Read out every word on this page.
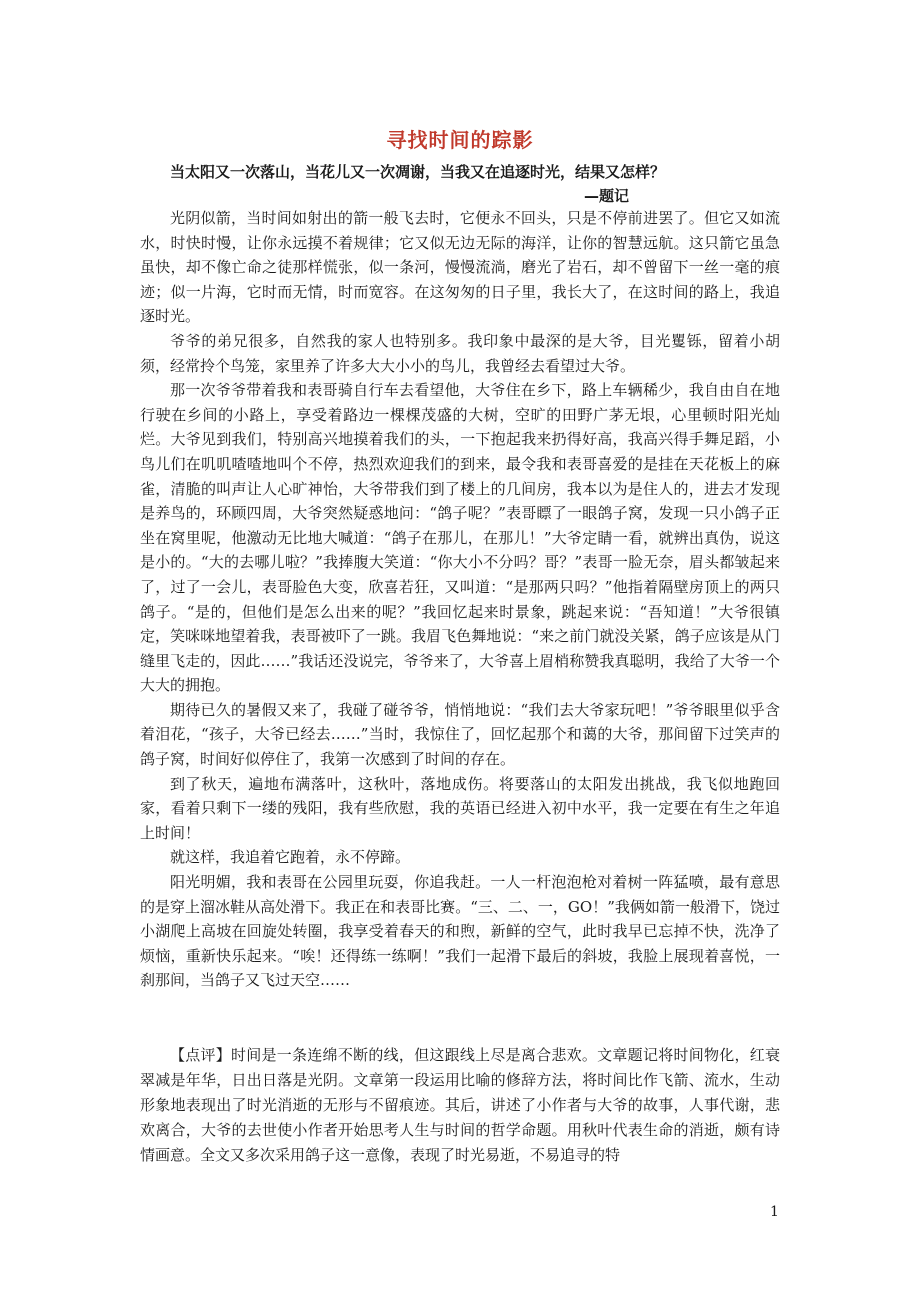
寻找时间的踪影
当太阳又一次落山，当花儿又一次凋谢，当我又在追逐时光，结果又怎样？
—题记

光阴似箭，当时间如射出的箭一般飞去时，它便永不回头，只是不停前进罢了。但它又如流水，时快时慢，让你永远摸不着规律；它又似无边无际的海洋，让你的智慧远航。这只箭它虽急虽快，却不像亡命之徒那样慌张，似一条河，慢慢流淌，磨光了岩石，却不曾留下一丝一毫的痕迹；似一片海，它时而无情，时而宽容。在这匆匆的日子里，我长大了，在这时间的路上，我追逐时光。

爷爷的弟兄很多，自然我的家人也特别多。我印象中最深的是大爷，目光矍铄，留着小胡须，经常拎个鸟笼，家里养了许多大大小小的鸟儿，我曾经去看望过大爷。

那一次爷爷带着我和表哥骑自行车去看望他，大爷住在乡下，路上车辆稀少，我自由自在地行驶在乡间的小路上，享受着路边一棵棵茂盛的大树，空旷的田野广茅无垠，心里顿时阳光灿烂。大爷见到我们，特别高兴地摸着我们的头，一下抱起我来扔得好高，我高兴得手舞足蹈，小鸟儿们在叽叽喳喳地叫个不停，热烈欢迎我们的到来，最令我和表哥喜爱的是挂在天花板上的麻雀，清脆的叫声让人心旷神怡，大爷带我们到了楼上的几间房，我本以为是住人的，进去才发现是养鸟的，环顾四周，大爷突然疑惑地问：“鸽子呢？”表哥瞟了一眼鸽子窝，发现一只小鸽子正坐在窝里呢，他激动无比地大喊道：“鸽子在那儿，在那儿！”大爷定睛一看，就辨出真伪，说这是小的。“大的去哪儿啦？”我捧腹大笑道：“你大小不分吗？哥？”表哥一脸无奈，眉头都皱起来了，过了一会儿，表哥脸色大变，欣喜若狂，又叫道：“是那两只吗？”他指着隔壁房顶上的两只鸽子。“是的，但他们是怎么出来的呢？”我回忆起来时景象，跳起来说：“吾知道！”大爷很镇定，笑咪咪地望着我，表哥被吓了一跳。我眉飞色舞地说：“来之前门就没关紧，鸽子应该是从门缝里飞走的，因此……”我话还没说完，爷爷来了，大爷喜上眉梢称赞我真聪明，我给了大爷一个大大的拥抱。

期待已久的暑假又来了，我碰了碰爷爷，悄悄地说：“我们去大爷家玩吧！”爷爷眼里似乎含着泪花，“孩子，大爷已经去……”当时，我惊住了，回忆起那个和蔼的大爷，那间留下过笑声的鸽子窝，时间好似停住了，我第一次感到了时间的存在。

到了秋天，遍地布满落叶，这秋叶，落地成伤。将要落山的太阳发出挑战，我飞似地跑回家，看着只剩下一缕的残阳，我有些欣慰，我的英语已经进入初中水平，我一定要在有生之年追上时间！

就这样，我追着它跑着，永不停蹄。

阳光明媚，我和表哥在公园里玩耍，你追我赶。一人一杆泡泡枪对着树一阵猛喷，最有意思的是穿上溜冰鞋从高处滑下。我正在和表哥比赛。“三、二、一，GO！”我俩如箭一般滑下，饶过小湖爬上高坡在回旋处转圈，我享受着春天的和煦，新鲜的空气，此时我早已忘掉不快，洗净了烦恼，重新快乐起来。“唉！还得练一练啊！”我们一起滑下最后的斜坡，我脸上展现着喜悦，一刹那间，当鸽子又飞过天空……

【点评】时间是一条连绵不断的线，但这跟线上尽是离合悲欢。文章题记将时间物化，红衰翠减是年华，日出日落是光阴。文章第一段运用比喻的修辞方法，将时间比作飞箭、流水，生动形象地表现出了时光消逝的无形与不留痕迹。其后，讲述了小作者与大爷的故事，人事代谢，悲欢离合，大爷的去世使小作者开始思考人生与时间的哲学命题。用秋叶代表生命的消逝，颇有诗情画意。全文又多次采用鸽子这一意像，表现了时光易逝，不易追寻的特

1
